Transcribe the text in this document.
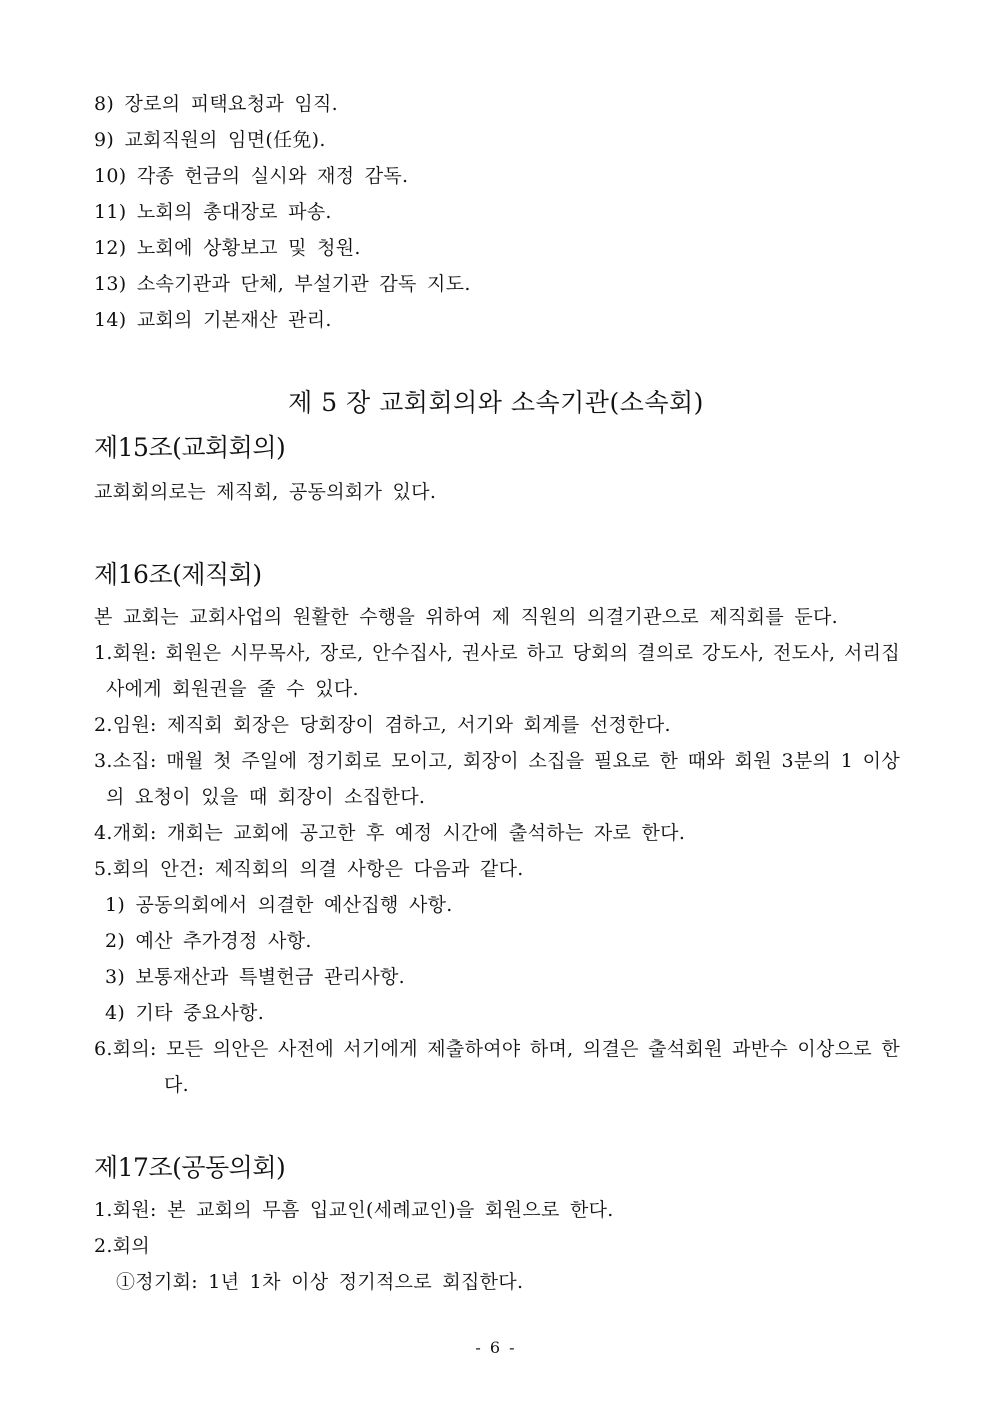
8) 장로의 피택요청과 임직.
9) 교회직원의 임면(任免).
10) 각종 헌금의 실시와 재정 감독.
11) 노회의 총대장로 파송.
12) 노회에 상황보고 및 청원.
13) 소속기관과 단체, 부설기관 감독 지도.
14) 교회의 기본재산 관리.
제 5 장 교회회의와 소속기관(소속회)
제15조(교회회의)
교회회의로는 제직회, 공동의회가 있다.
제16조(제직회)
본 교회는 교회사업의 원활한 수행을 위하여 제 직원의 의결기관으로 제직회를 둔다.
1.회원: 회원은 시무목사, 장로, 안수집사, 권사로 하고 당회의 결의로 강도사, 전도사, 서리집
사에게 회원권을 줄 수 있다.
2.임원: 제직회 회장은 당회장이 겸하고, 서기와 회계를 선정한다.
3.소집: 매월 첫 주일에 정기회로 모이고, 회장이 소집을 필요로 한 때와 회원 3분의 1 이상
의 요청이 있을 때 회장이 소집한다.
4.개회: 개회는 교회에 공고한 후 예정 시간에 출석하는 자로 한다.
5.회의 안건: 제직회의 의결 사항은 다음과 같다.
1) 공동의회에서 의결한 예산집행 사항.
2) 예산 추가경정 사항.
3) 보통재산과 특별헌금 관리사항.
4) 기타 중요사항.
6.회의: 모든 의안은 사전에 서기에게 제출하여야 하며, 의결은 출석회원 과반수 이상으로 한
다.
제17조(공동의회)
1.회원: 본 교회의 무흠 입교인(세례교인)을 회원으로 한다.
2.회의
①정기회: 1년 1차 이상 정기적으로 회집한다.
- 6 -
